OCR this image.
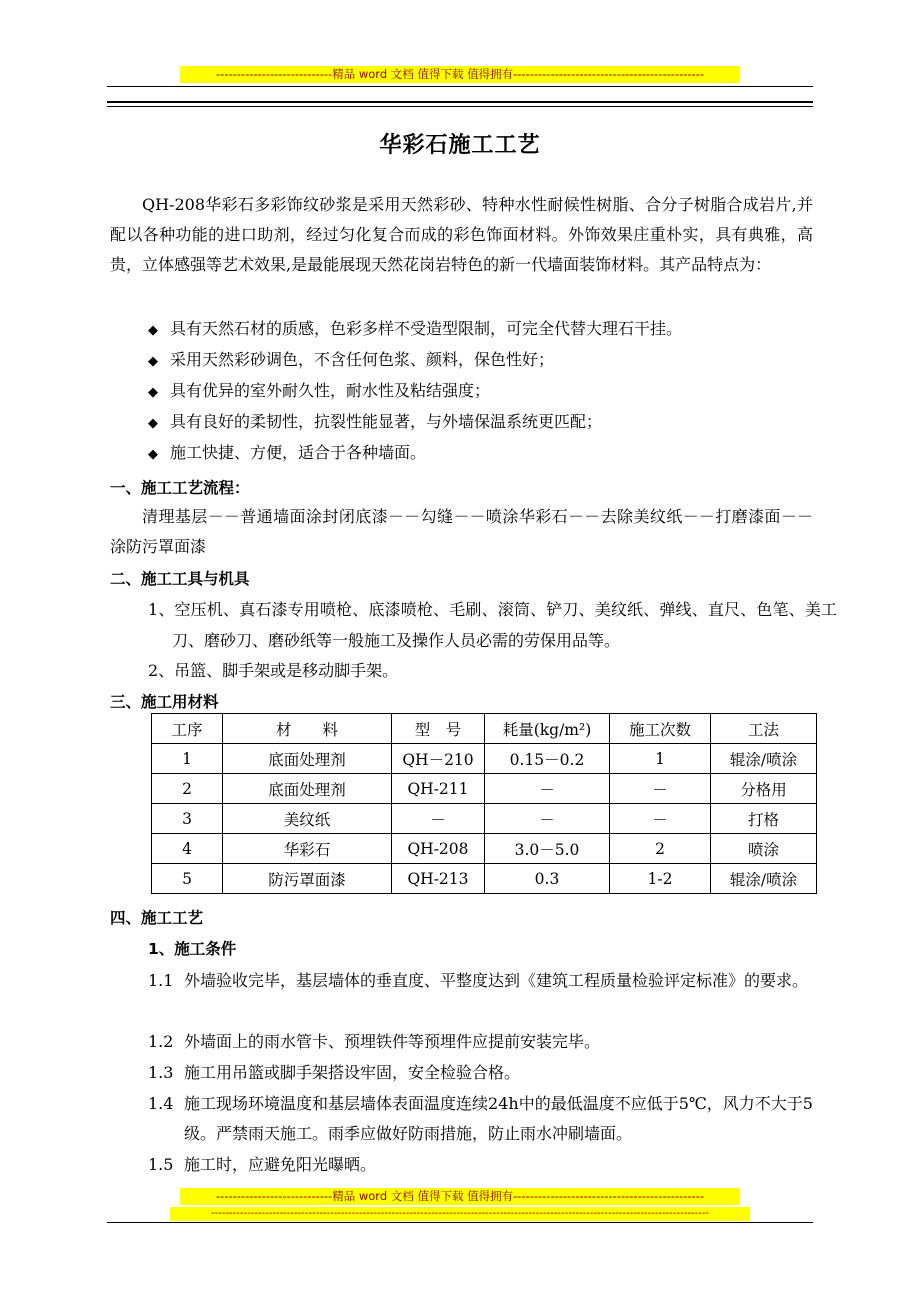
----------------------------精品 word 文档 值得下载 值得拥有----------------------------------------------
华彩石施工工艺
QH-208华彩石多彩饰纹砂浆是采用天然彩砂、特种水性耐候性树脂、合分子树脂合成岩片,并配以各种功能的进口助剂，经过匀化复合而成的彩色饰面材料。外饰效果庄重朴实，具有典雅，高贵，立体感强等艺术效果,是最能展现天然花岗岩特色的新一代墙面装饰材料。其产品特点为：
◆ 具有天然石材的质感，色彩多样不受造型限制，可完全代替大理石干挂。
◆ 采用天然彩砂调色，不含任何色浆、颜料，保色性好；
◆ 具有优异的室外耐久性，耐水性及粘结强度；
◆ 具有良好的柔韧性，抗裂性能显著，与外墙保温系统更匹配；
◆ 施工快捷、方便，适合于各种墙面。
一、施工工艺流程：
清理基层－－普通墙面涂封闭底漆－－勾缝－－喷涂华彩石－－去除美纹纸－－打磨漆面－－涂防污罩面漆
二、施工工具与机具
1、空压机、真石漆专用喷枪、底漆喷枪、毛刷、滚筒、铲刀、美纹纸、弹线、直尺、色笔、美工刀、磨砂刀、磨砂纸等一般施工及操作人员必需的劳保用品等。
2、吊篮、脚手架或是移动脚手架。
三、施工用材料
工序	材　　料	型　号	耗量(kg/m²)	施工次数	工法
1	底面处理剂	QH－210	0.15－0.2	1	辊涂/喷涂
2	底面处理剂	QH-211	－	－	分格用
3	美纹纸	－	－	－	打格
4	华彩石	QH-208	3.0－5.0	2	喷涂
5	防污罩面漆	QH-213	0.3	1-2	辊涂/喷涂
四、施工工艺
1、施工条件
1.1 外墙验收完毕，基层墙体的垂直度、平整度达到《建筑工程质量检验评定标准》的要求。
1.2 外墙面上的雨水管卡、预埋铁件等预埋件应提前安装完毕。
1.3 施工用吊篮或脚手架搭设牢固，安全检验合格。
1.4 施工现场环境温度和基层墙体表面温度连续24h中的最低温度不应低于5℃，风力不大于5级。严禁雨天施工。雨季应做好防雨措施，防止雨水冲刷墙面。
1.5 施工时，应避免阳光曝晒。
----------------------------精品 word 文档 值得下载 值得拥有----------------------------------------------
------------------------------------------------------------------------------------------------------------------------------------------
